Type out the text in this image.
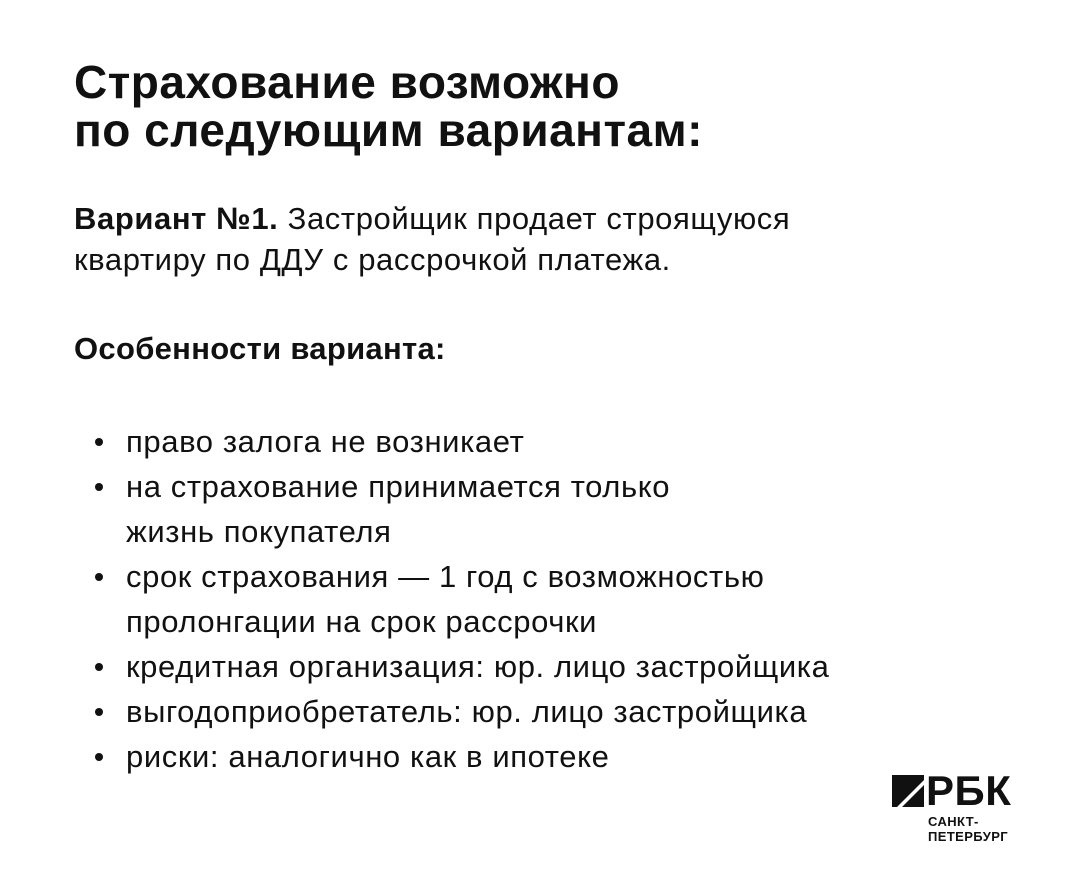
Страхование возможно
по следующим вариантам:

Вариант №1. Застройщик продает строящуюся
квартиру по ДДУ с рассрочкой платежа.

Особенности варианта:
право залога не возникает
на страхование принимается только
жизнь покупателя
срок страхования — 1 год с возможностью
пролонгации на срок рассрочки
кредитная организация: юр. лицо застройщика
выгодоприобретатель: юр. лицо застройщика
риски: аналогично как в ипотеке
РБК
САНКТ-
ПЕТЕРБУРГ
